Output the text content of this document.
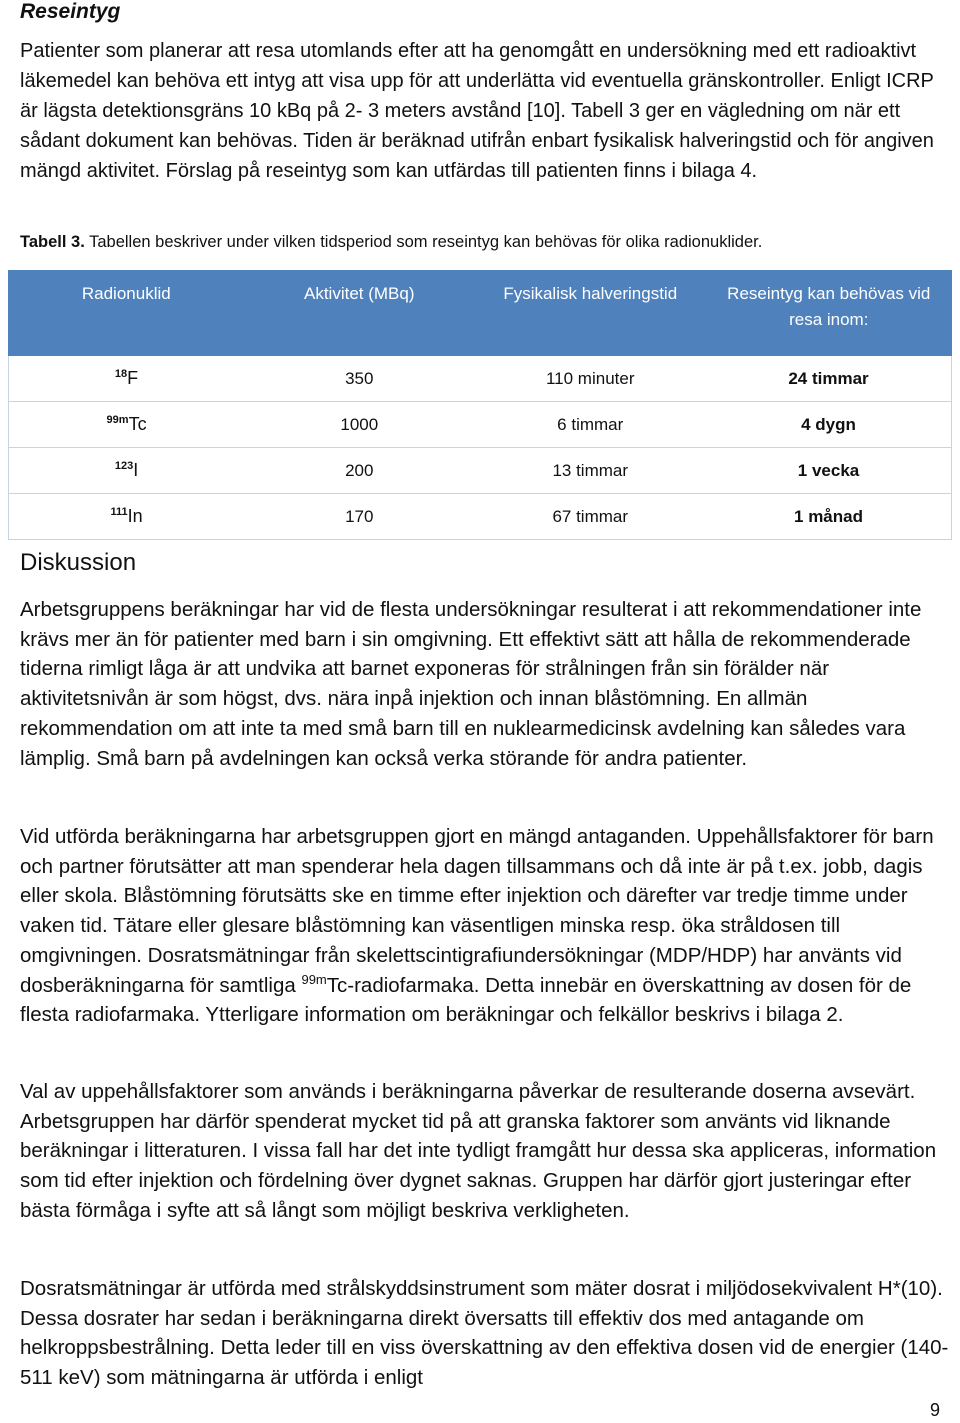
Reseintyg

Patienter som planerar att resa utomlands efter att ha genomgått en undersökning med ett radioaktivt läkemedel kan behöva ett intyg att visa upp för att underlätta vid eventuella gränskontroller. Enligt ICRP är lägsta detektionsgräns 10 kBq på 2- 3 meters avstånd [10]. Tabell 3 ger en vägledning om när ett sådant dokument kan behövas. Tiden är beräknad utifrån enbart fysikalisk halveringstid och för angiven mängd aktivitet. Förslag på reseintyg som kan utfärdas till patienten finns i bilaga 4.

Tabell 3. Tabellen beskriver under vilken tidsperiod som reseintyg kan behövas för olika radionuklider.

Radionuklid	Aktivitet (MBq)	Fysikalisk halveringstid	Reseintyg kan behövas vid resa inom:
$^{18}$F	350	110 minuter	24 timmar
$^{99m}$Tc	1000	6 timmar	4 dygn
$^{123}$I	200	13 timmar	1 vecka
$^{111}$In	170	67 timmar	1 månad
Diskussion

Arbetsgruppens beräkningar har vid de flesta undersökningar resulterat i att rekommendationer inte krävs mer än för patienter med barn i sin omgivning. Ett effektivt sätt att hålla de rekommenderade tiderna rimligt låga är att undvika att barnet exponeras för strålningen från sin förälder när aktivitetsnivån är som högst, dvs. nära inpå injektion och innan blåstömning. En allmän rekommendation om att inte ta med små barn till en nuklearmedicinsk avdelning kan således vara lämplig. Små barn på avdelningen kan också verka störande för andra patienter.

Vid utförda beräkningarna har arbetsgruppen gjort en mängd antaganden. Uppehållsfaktorer för barn och partner förutsätter att man spenderar hela dagen tillsammans och då inte är på t.ex. jobb, dagis eller skola. Blåstömning förutsätts ske en timme efter injektion och därefter var tredje timme under vaken tid. Tätare eller glesare blåstömning kan väsentligen minska resp. öka stråldosen till omgivningen. Dosratsmätningar från skelettscintigrafiundersökningar (MDP/HDP) har använts vid dosberäkningarna för samtliga $^{99m}$Tc-radiofarmaka. Detta innebär en överskattning av dosen för de flesta radiofarmaka. Ytterligare information om beräkningar och felkällor beskrivs i bilaga 2.

Val av uppehållsfaktorer som används i beräkningarna påverkar de resulterande doserna avsevärt. Arbetsgruppen har därför spenderat mycket tid på att granska faktorer som använts vid liknande beräkningar i litteraturen. I vissa fall har det inte tydligt framgått hur dessa ska appliceras, information som tid efter injektion och fördelning över dygnet saknas. Gruppen har därför gjort justeringar efter bästa förmåga i syfte att så långt som möjligt beskriva verkligheten.

Dosratsmätningar är utförda med strålskyddsinstrument som mäter dosrat i miljödosekvivalent H*(10). Dessa dosrater har sedan i beräkningarna direkt översatts till effektiv dos med antagande om helkroppsbestrålning. Detta leder till en viss överskattning av den effektiva dosen vid de energier (140-511 keV) som mätningarna är utförda i enligt

9
